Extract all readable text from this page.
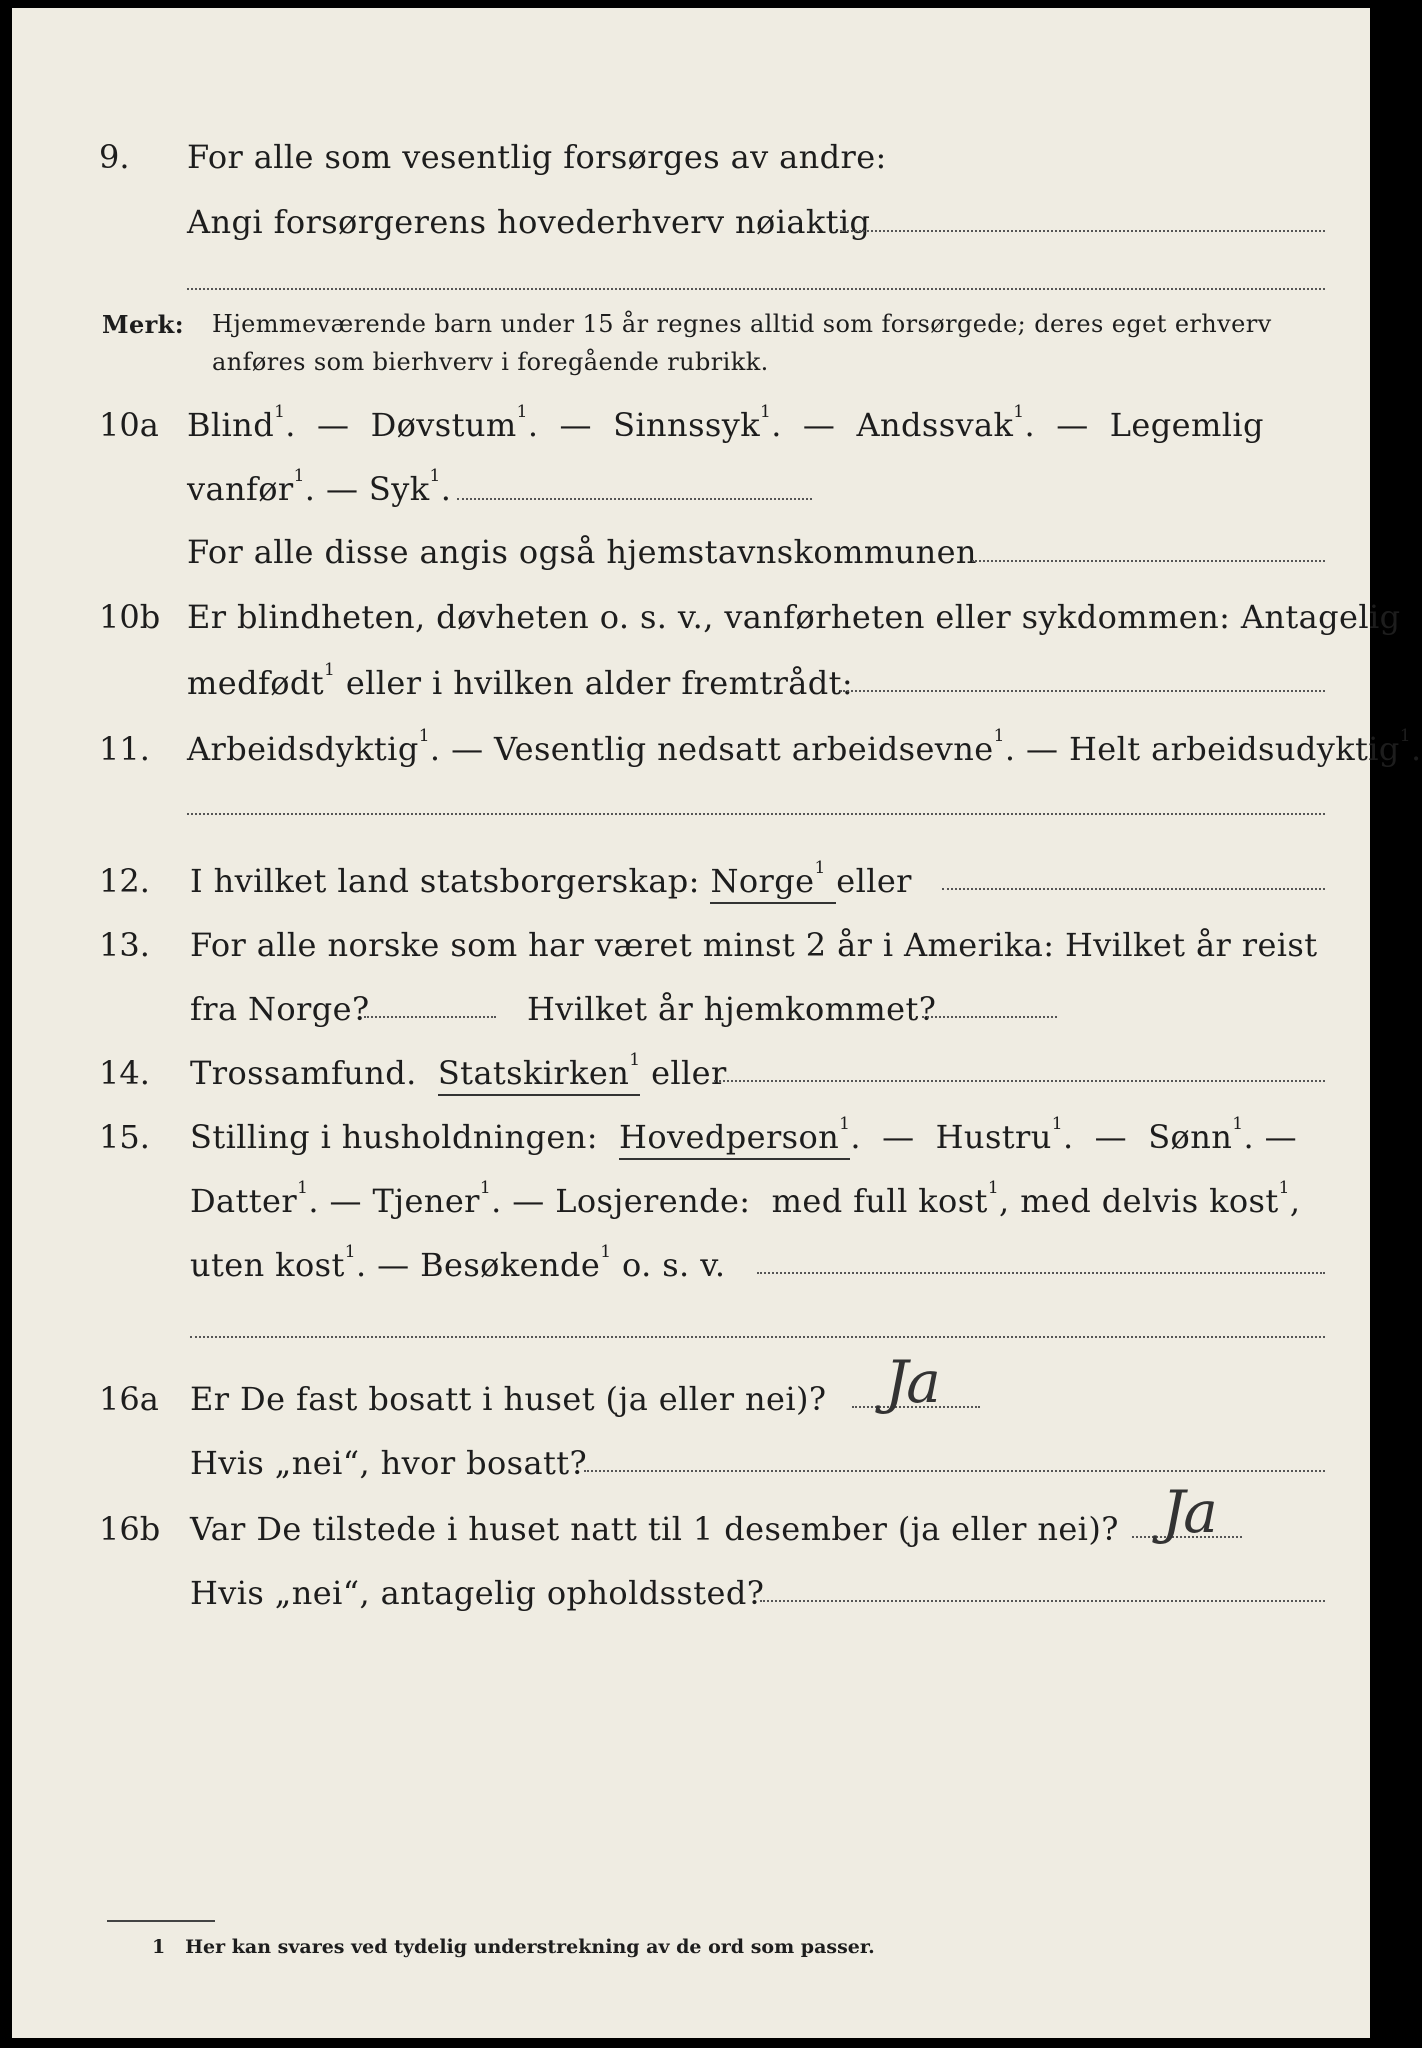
9. For alle som vesentlig forsørges av andre:
Angi forsørgerens hovederhverv nøiaktig
Merk: Hjemmeværende barn under 15 år regnes alltid som forsørgede; deres eget erhverv
anføres som bierhverv i foregående rubrikk.
10a Blind$^1$.  —  Døvstum$^1$.  —  Sinnssyk$^1$.  —  Andssvak$^1$.  —  Legemlig
vanfør$^1$. — Syk$^1$.
For alle disse angis også hjemstavnskommunen
10b Er blindheten, døvheten o. s. v., vanførheten eller sykdommen: Antagelig
medfødt$^1$ eller i hvilken alder fremtrådt:
11. Arbeidsdyktig$^1$. — Vesentlig nedsatt arbeidsevne$^1$. — Helt arbeidsudyktig$^1$.
12. I hvilket land statsborgerskap: Norge$^1$ eller
13. For alle norske som har været minst 2 år i Amerika: Hvilket år reist
fra Norge?	Hvilket år hjemkommet?
14. Trossamfund. Statskirken$^1$ eller
15. Stilling i husholdningen: Hovedperson$^1$.  —  Hustru$^1$.  —  Sønn$^1$. —
Datter$^1$. — Tjener$^1$. — Losjerende: med full kost$^1$, med delvis kost$^1$,
uten kost$^1$. — Besøkende$^1$ o. s. v.
16a Er De fast bosatt i huset (ja eller nei)? Ja
Hvis „nei“, hvor bosatt?
16b Var De tilstede i huset natt til 1 desember (ja eller nei)? Ja
Hvis „nei“, antagelig opholdssted?
1 Her kan svares ved tydelig understrekning av de ord som passer.
